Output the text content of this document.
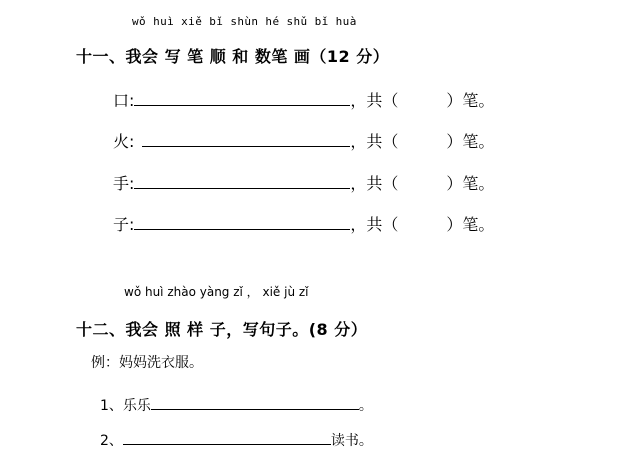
wǒ huì xiě bǐ shùn hé shǔ bǐ huà
十一、我会 写 笔 顺 和 数笔 画（12 分）
口:	，共（	）笔。
火:	，共（	）笔。
手:	，共（	）笔。
子:	，共（	）笔。
wǒ huì zhào yàng zǐ ， xiě jù zǐ
十二、我会 照 样 子，写句子。(8 分）
例：妈妈洗衣服。
1、乐乐	。
2、	读书。
